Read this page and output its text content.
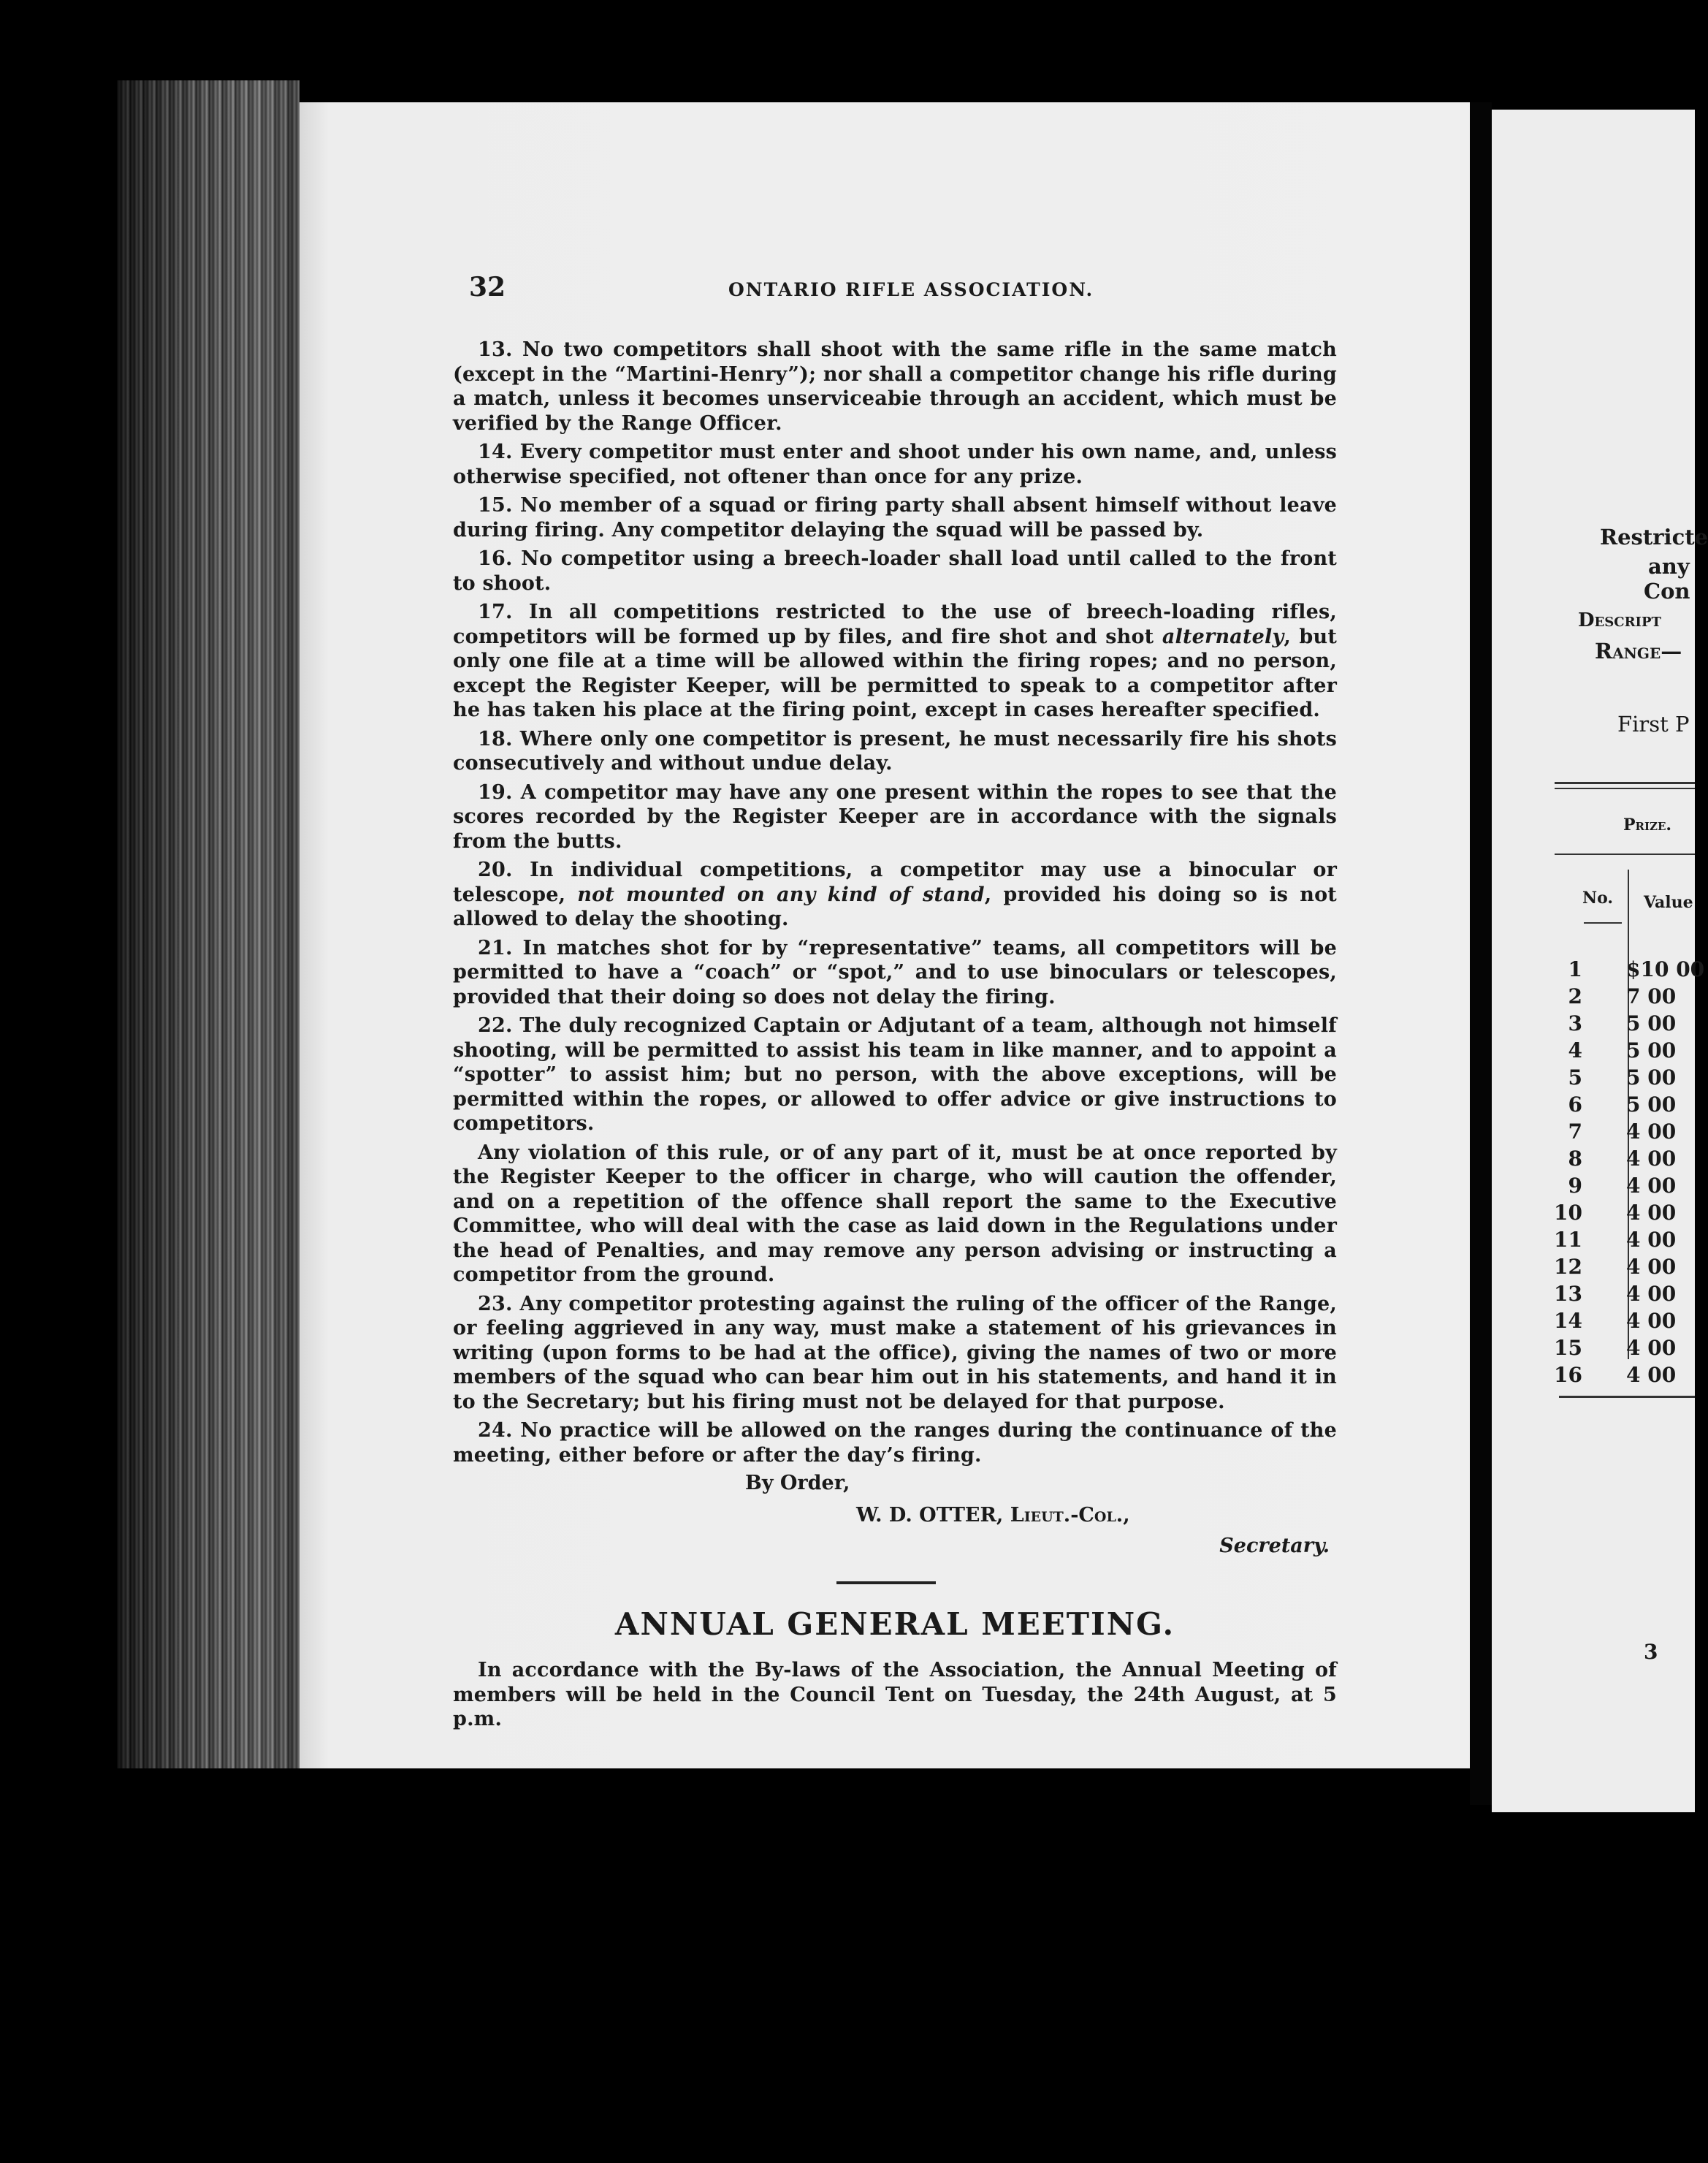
32	ONTARIO RIFLE ASSOCIATION.

13. No two competitors shall shoot with the same rifle in the same match (except in the “Martini-Henry”); nor shall a competitor change his rifle during a match, unless it becomes unserviceabie through an accident, which must be verified by the Range Officer.

14. Every competitor must enter and shoot under his own name, and, unless otherwise specified, not oftener than once for any prize.

15. No member of a squad or firing party shall absent himself without leave during firing. Any competitor delaying the squad will be passed by.

16. No competitor using a breech-loader shall load until called to the front to shoot.

17. In all competitions restricted to the use of breech-loading rifles, competitors will be formed up by files, and fire shot and shot alternately, but only one file at a time will be allowed within the firing ropes; and no person, except the Register Keeper, will be permitted to speak to a competitor after he has taken his place at the firing point, except in cases hereafter specified.

18. Where only one competitor is present, he must necessarily fire his shots consecutively and without undue delay.

19. A competitor may have any one present within the ropes to see that the scores recorded by the Register Keeper are in accordance with the signals from the butts.

20. In individual competitions, a competitor may use a binocular or telescope, not mounted on any kind of stand, provided his doing so is not allowed to delay the shooting.

21. In matches shot for by “representative” teams, all competitors will be permitted to have a “coach” or “spot,” and to use binoculars or telescopes, provided that their doing so does not delay the firing.

22. The duly recognized Captain or Adjutant of a team, although not himself shooting, will be permitted to assist his team in like manner, and to appoint a “spotter” to assist him; but no person, with the above exceptions, will be permitted within the ropes, or allowed to offer advice or give instructions to competitors.

Any violation of this rule, or of any part of it, must be at once reported by the Register Keeper to the officer in charge, who will caution the offender, and on a repetition of the offence shall report the same to the Executive Committee, who will deal with the case as laid down in the Regulations under the head of Penalties, and may remove any person advising or instructing a competitor from the ground.

23. Any competitor protesting against the ruling of the officer of the Range, or feeling aggrieved in any way, must make a statement of his grievances in writing (upon forms to be had at the office), giving the names of two or more members of the squad who can bear him out in his statements, and hand it in to the Secretary; but his firing must not be delayed for that purpose.

24. No practice will be allowed on the ranges during the continuance of the meeting, either before or after the day’s firing.

By Order,
W. D. OTTER, Lieut.-Col.,
Secretary.
ANNUAL GENERAL MEETING.

In accordance with the By-laws of the Association, the Annual Meeting of members will be held in the Council Tent on Tuesday, the 24th August, at 5 p.m.

Restricte
any
Con
Descript
Range—
First P
Prize.
No. Value
1 $10 00
2 7 00
3 5 00
4 5 00
5 5 00
6 5 00
7 4 00
8 4 00
9 4 00
10 4 00
11 4 00
12 4 00
13 4 00
14 4 00
15 4 00
16 4 00
3
